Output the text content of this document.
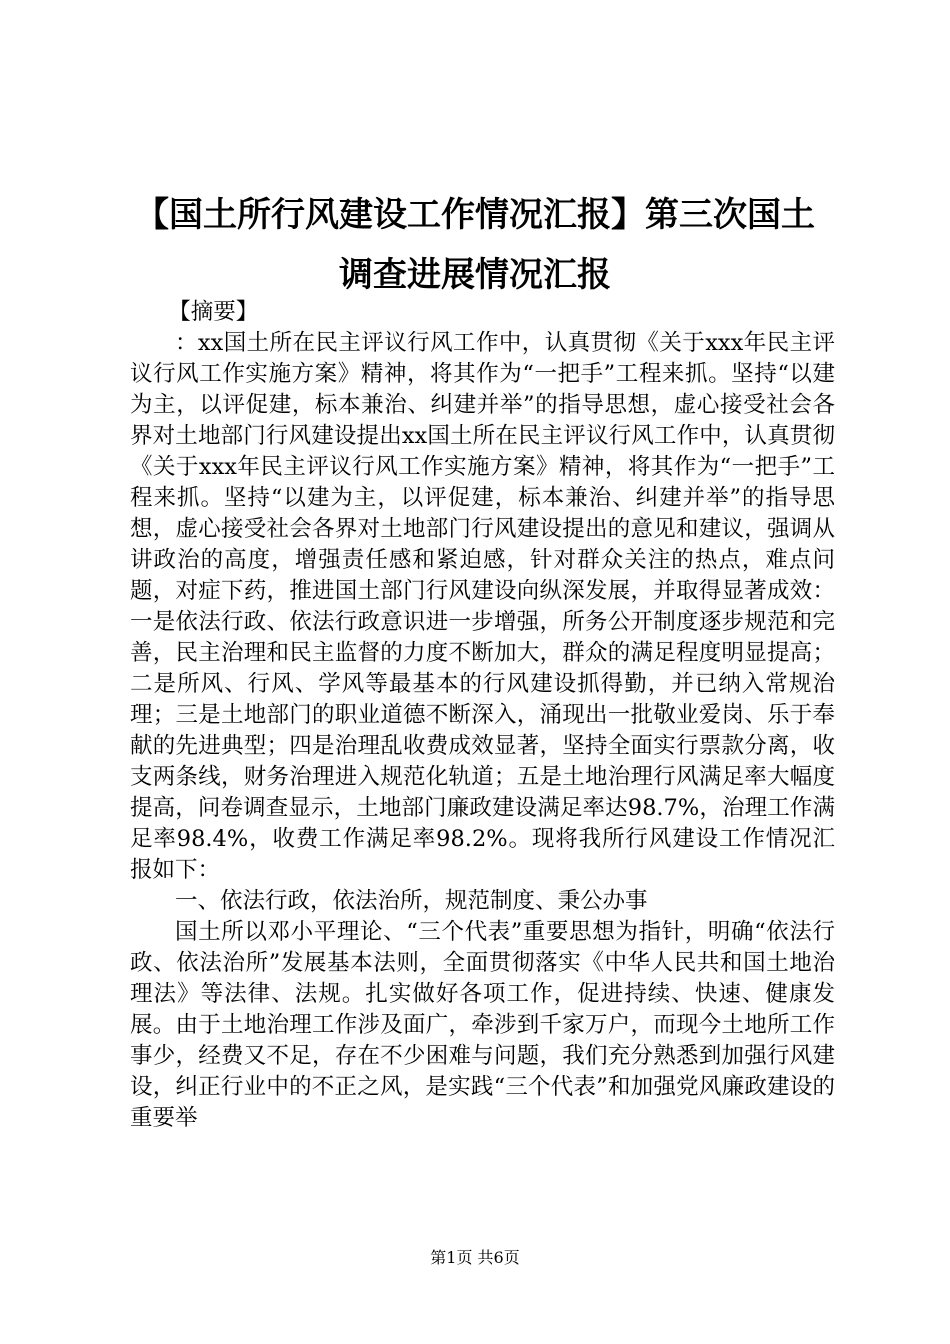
【国土所行风建设工作情况汇报】第三次国土
调查进展情况汇报

【摘要】

：xx国土所在民主评议行风工作中，认真贯彻《关于xxx年民主评议行风工作实施方案》精神，将其作为“一把手”工程来抓。坚持“以建为主，以评促建，标本兼治、纠建并举”的指导思想，虚心接受社会各界对土地部门行风建设提出xx国土所在民主评议行风工作中，认真贯彻《关于xxx年民主评议行风工作实施方案》精神，将其作为“一把手”工程来抓。坚持“以建为主，以评促建，标本兼治、纠建并举”的指导思想，虚心接受社会各界对土地部门行风建设提出的意见和建议，强调从讲政治的高度，增强责任感和紧迫感，针对群众关注的热点，难点问题，对症下药，推进国土部门行风建设向纵深发展，并取得显著成效：一是依法行政、依法行政意识进一步增强，所务公开制度逐步规范和完善，民主治理和民主监督的力度不断加大，群众的满足程度明显提高；二是所风、行风、学风等最基本的行风建设抓得勤，并已纳入常规治理；三是土地部门的职业道德不断深入，涌现出一批敬业爱岗、乐于奉献的先进典型；四是治理乱收费成效显著，坚持全面实行票款分离，收支两条线，财务治理进入规范化轨道；五是土地治理行风满足率大幅度提高，问卷调查显示，土地部门廉政建设满足率达98.7%，治理工作满足率98.4%，收费工作满足率98.2%。现将我所行风建设工作情况汇报如下：

一、依法行政，依法治所，规范制度、秉公办事

国土所以邓小平理论、“三个代表”重要思想为指针，明确“依法行政、依法治所”发展基本法则，全面贯彻落实《中华人民共和国土地治理法》等法律、法规。扎实做好各项工作，促进持续、快速、健康发展。由于土地治理工作涉及面广，牵涉到千家万户，而现今土地所工作事少，经费又不足，存在不少困难与问题，我们充分熟悉到加强行风建设，纠正行业中的不正之风，是实践“三个代表”和加强党风廉政建设的重要举

第1页 共6页
